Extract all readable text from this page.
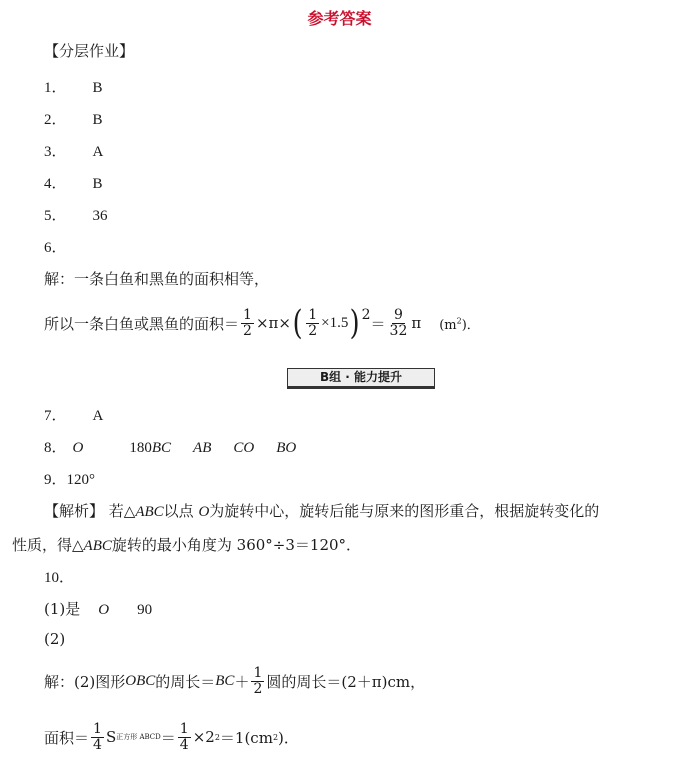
参考答案
【分层作业】
1． B
2． B
3． A
4． B
5． 36
6．
解：一条白鱼和黑鱼的面积相等，
所以一条白鱼或黑鱼的面积＝ $\frac{1}{2} \times\pi\times$ ( $\frac{1}{2} \times 1.5$ ) $2 = \frac{9}{32}$ π $(m^2)$．
B组 · 能力提升
7． A
8． O	180BC AB CO BO
9．120°
【解析】 若△ABC以点 O为旋转中心，旋转后能与原来的图形重合，根据旋转变化的
性质，得△ABC旋转的最小角度为 360°÷3＝120°．
10．
(1)是 O 90
(2)
解：(2)图形 OBC 的周长＝ BC ＋ $\frac{1}{2}$ 圆的周长＝(2＋π)cm，
面积＝ $\frac{1}{4}$ S 正方形 ABCD ＝ $\frac{1}{4} \times 2$ 2 ＝1(cm 2 )．
